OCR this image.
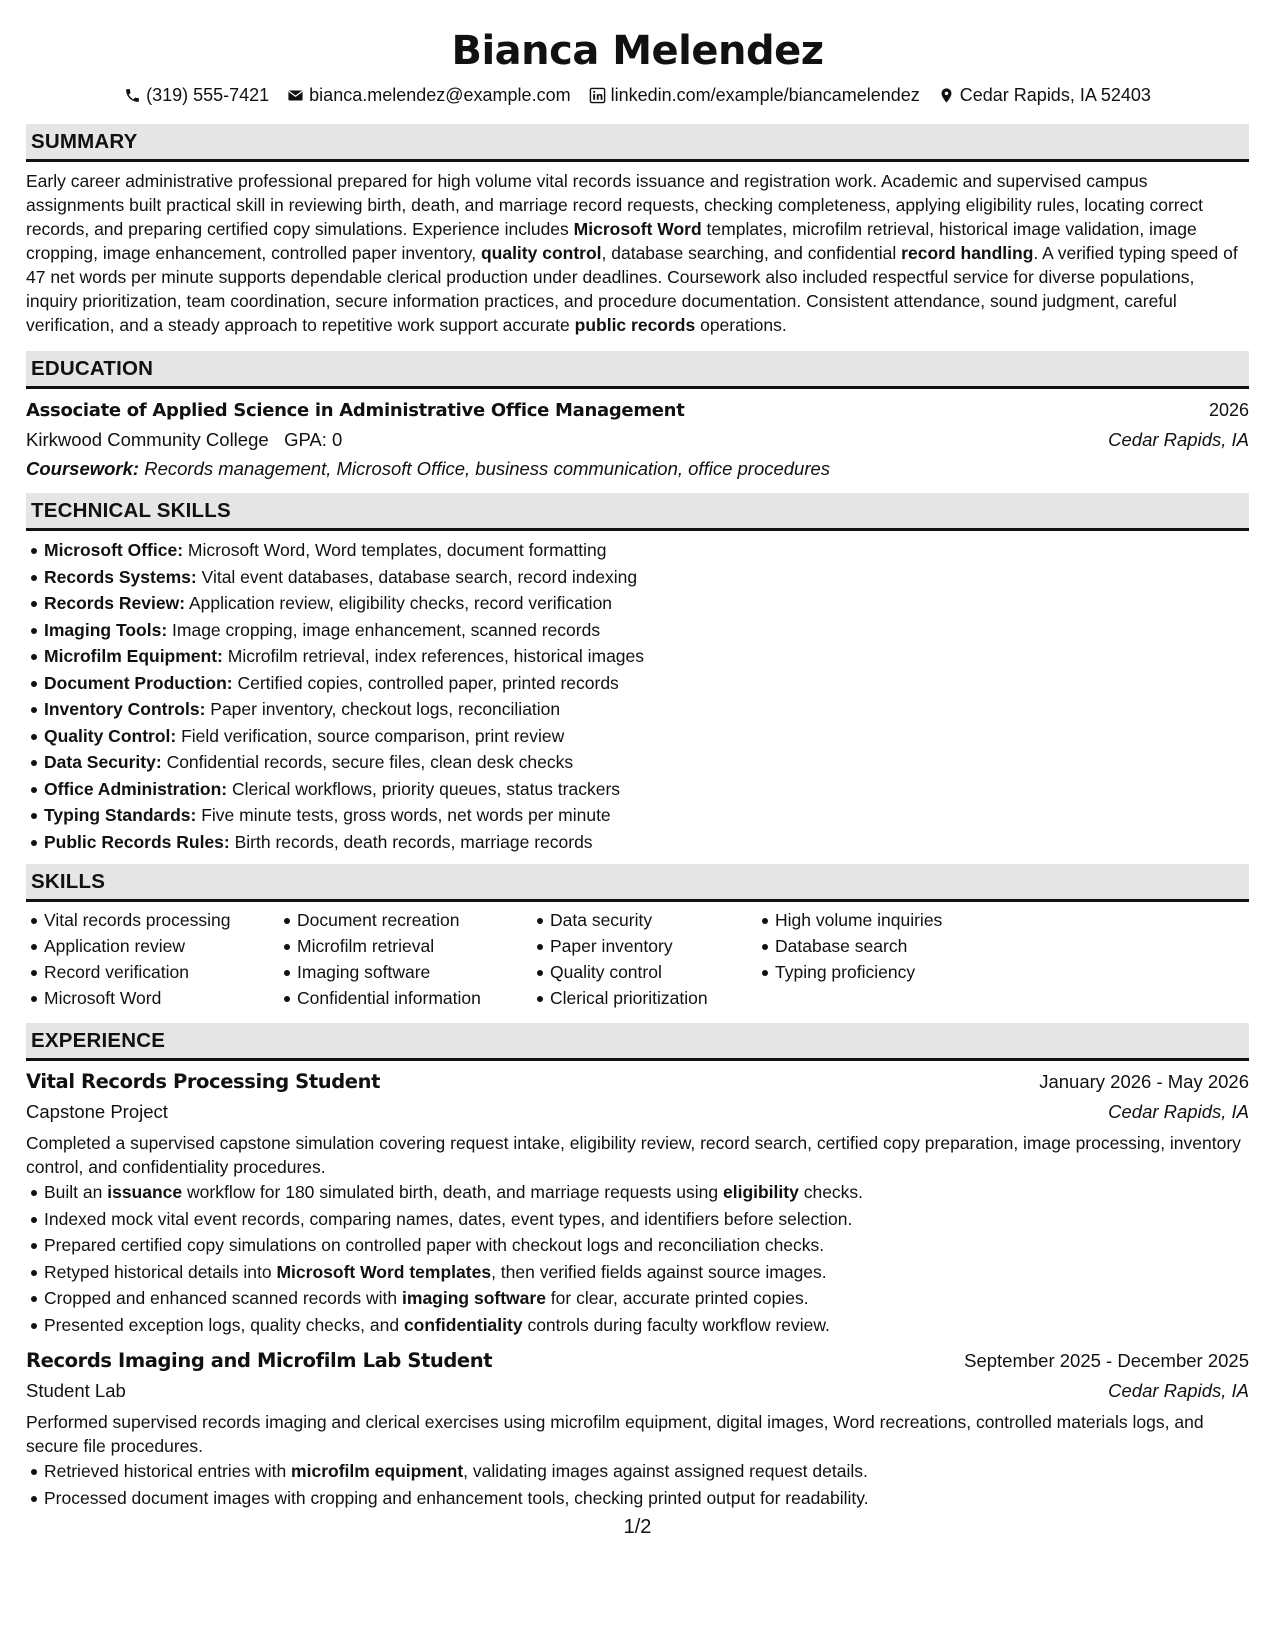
Bianca Melendez
(319) 555-7421 bianca.melendez@example.com linkedin.com/example/biancamelendez Cedar Rapids, IA 52403
SUMMARY

Early career administrative professional prepared for high volume vital records issuance and registration work. Academic and supervised campus assignments built practical skill in reviewing birth, death, and marriage record requests, checking completeness, applying eligibility rules, locating correct records, and preparing certified copy simulations. Experience includes Microsoft Word templates, microfilm retrieval, historical image validation, image cropping, image enhancement, controlled paper inventory, quality control, database searching, and confidential record handling. A verified typing speed of 47 net words per minute supports dependable clerical production under deadlines. Coursework also included respectful service for diverse populations, inquiry prioritization, team coordination, secure information practices, and procedure documentation. Consistent attendance, sound judgment, careful verification, and a steady approach to repetitive work support accurate public records operations.

EDUCATION
Associate of Applied Science in Administrative Office Management	2026
Kirkwood Community College GPA: 0	Cedar Rapids, IA
Coursework: Records management, Microsoft Office, business communication, office procedures
TECHNICAL SKILLS
Microsoft Office: Microsoft Word, Word templates, document formatting
Records Systems: Vital event databases, database search, record indexing
Records Review: Application review, eligibility checks, record verification
Imaging Tools: Image cropping, image enhancement, scanned records
Microfilm Equipment: Microfilm retrieval, index references, historical images
Document Production: Certified copies, controlled paper, printed records
Inventory Controls: Paper inventory, checkout logs, reconciliation
Quality Control: Field verification, source comparison, print review
Data Security: Confidential records, secure files, clean desk checks
Office Administration: Clerical workflows, priority queues, status trackers
Typing Standards: Five minute tests, gross words, net words per minute
Public Records Rules: Birth records, death records, marriage records
SKILLS
Vital records processing
Application review
Record verification
Microsoft Word
Document recreation
Microfilm retrieval
Imaging software
Confidential information
Data security
Paper inventory
Quality control
Clerical prioritization
High volume inquiries
Database search
Typing proficiency
EXPERIENCE
Vital Records Processing Student	January 2026 - May 2026
Capstone Project	Cedar Rapids, IA
Completed a supervised capstone simulation covering request intake, eligibility review, record search, certified copy preparation, image processing, inventory control, and confidentiality procedures.
Built an issuance workflow for 180 simulated birth, death, and marriage requests using eligibility checks.
Indexed mock vital event records, comparing names, dates, event types, and identifiers before selection.
Prepared certified copy simulations on controlled paper with checkout logs and reconciliation checks.
Retyped historical details into Microsoft Word templates, then verified fields against source images.
Cropped and enhanced scanned records with imaging software for clear, accurate printed copies.
Presented exception logs, quality checks, and confidentiality controls during faculty workflow review.
Records Imaging and Microfilm Lab Student	September 2025 - December 2025
Student Lab	Cedar Rapids, IA
Performed supervised records imaging and clerical exercises using microfilm equipment, digital images, Word recreations, controlled materials logs, and secure file procedures.
Retrieved historical entries with microfilm equipment, validating images against assigned request details.
Processed document images with cropping and enhancement tools, checking printed output for readability.
1/2
